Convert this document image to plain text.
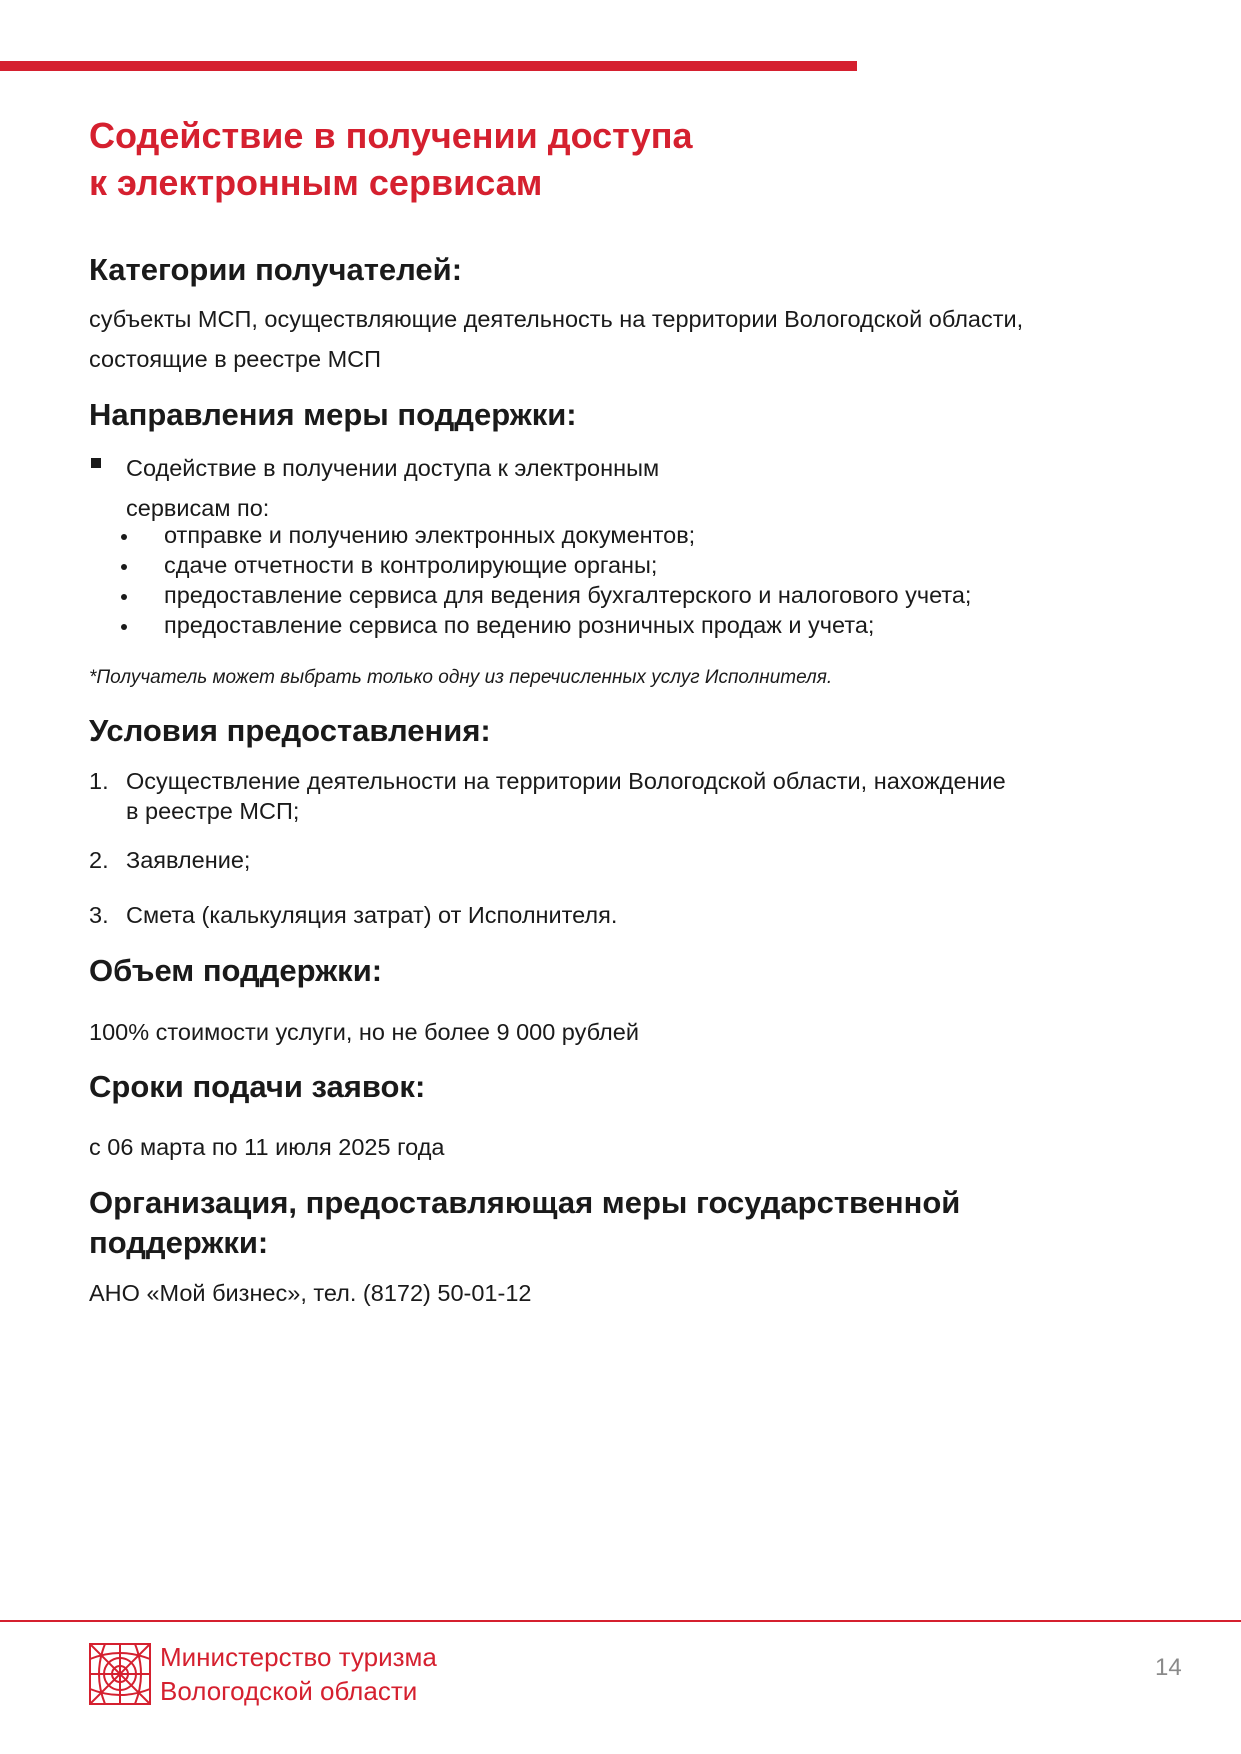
Содействие в получении доступа
к электронным сервисам
Категории получателей:

субъекты МСП, осуществляющие деятельность на территории Вологодской области,
состоящие в реестре МСП

Направления меры поддержки:

Содействие в получении доступа к электронным
сервисам по:

отправке и получению электронных документов;
сдаче отчетности в контролирующие органы;
предоставление сервиса для ведения бухгалтерского и налогового учета;
предоставление сервиса по ведению розничных продаж и учета;

*Получатель может выбрать только одну из перечисленных услуг Исполнителя.

Условия предоставления:
1. Осуществление деятельности на территории Вологодской области, нахождение
в реестре МСП;
2. Заявление;
3. Смета (калькуляция затрат) от Исполнителя.
Объем поддержки:

100% стоимости услуги, но не более 9 000 рублей

Сроки подачи заявок:

с 06 марта по 11 июля 2025 года

Организация, предоставляющая меры государственной
поддержки:

АНО «Мой бизнес», тел. (8172) 50-01-12

Министерство туризма
Вологодской области

14
